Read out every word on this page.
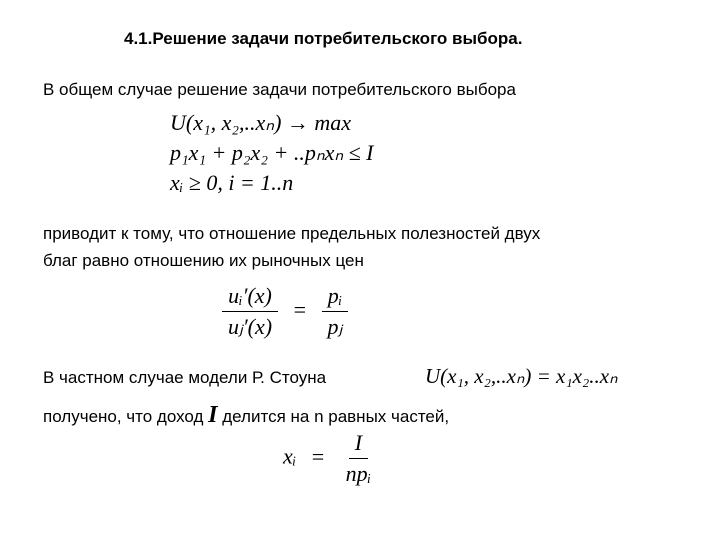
4.1.Решение задачи потребительского выбора.
В общем случае решение задачи потребительского выбора
U(x₁, x₂,..xₙ) → max
p₁x₁ + p₂x₂ + ..pₙxₙ ≤ I
xᵢ ≥ 0, i = 1..n
приводит к тому, что отношение предельных полезностей двух
благ равно отношению их рыночных цен
$\frac{\text{uᵢ′(x)}}{\text{uⱼ′(x)}} = \frac{\text{pᵢ}}{\text{pⱼ}}$
В частном случае модели Р. Стоуна	U(x₁, x₂,..xₙ) = x₁x₂..xₙ
получено, что доход I делится на n равных частей,
xᵢ = $\frac{I}{\text{npᵢ}}$
